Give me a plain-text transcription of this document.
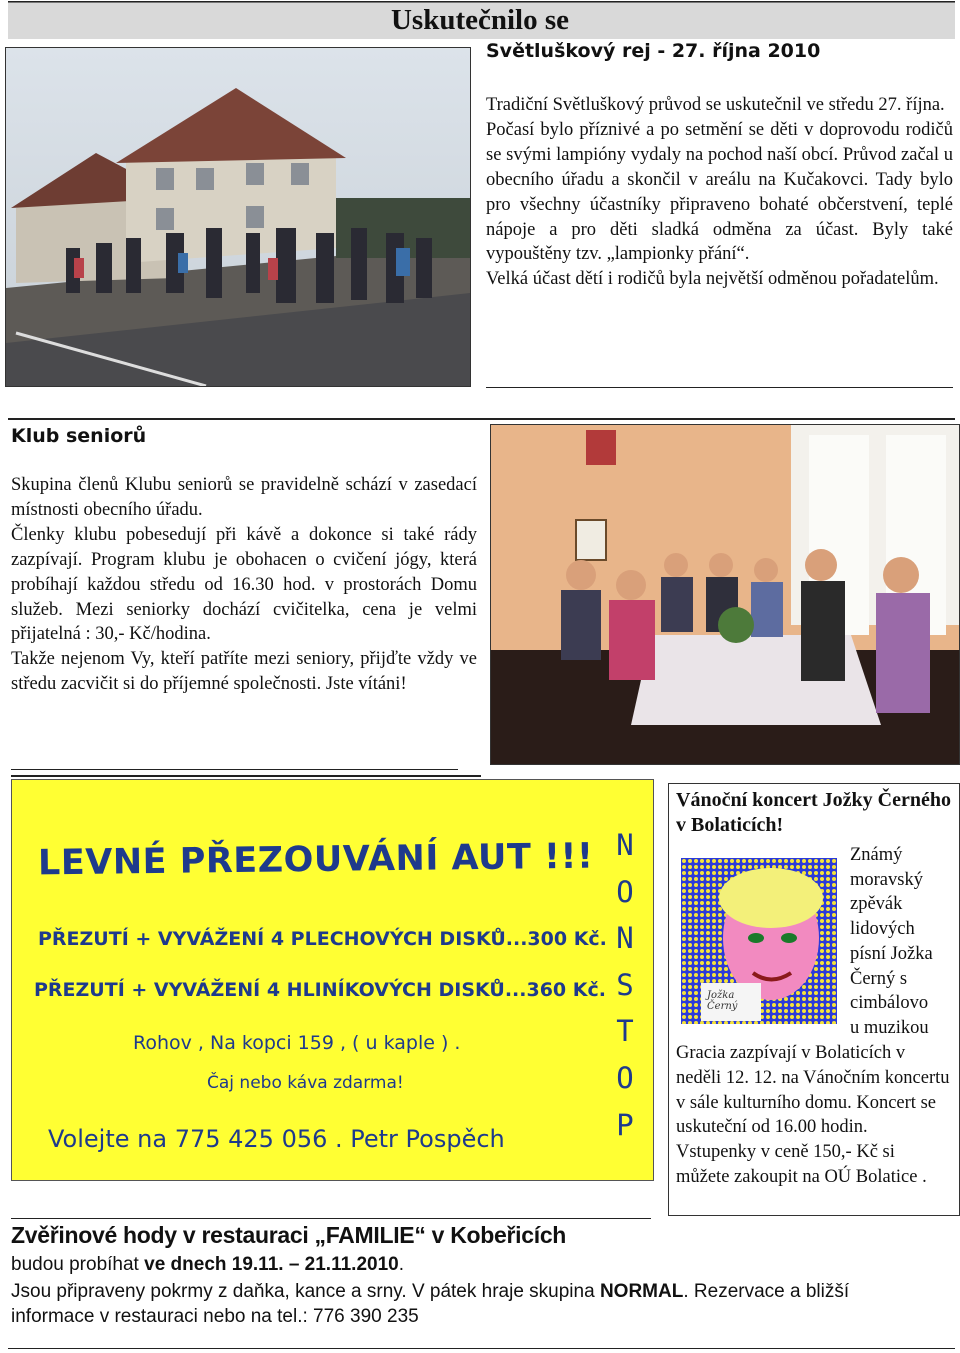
Uskutečnilo se
Světluškový rej - 27. října 2010

Tradiční Světluškový průvod se uskutečnil ve středu 27. října.

Počasí bylo příznivé a po setmění se děti v doprovodu rodičů se svými lampióny vydaly na pochod naší obcí. Průvod začal u obecního úřadu a skončil v areálu na Kučakovci. Tady bylo pro všechny účastníky připraveno bohaté občerstvení, teplé nápoje a pro děti sladká odměna za účast. Byly také vypouštěny tzv. „lampionky přání“.

Velká účast dětí i rodičů byla největší odměnou pořadatelům.

Klub seniorů

Skupina členů Klubu seniorů se pravidelně schází v zasedací místnosti obecního úřadu.

Členky klubu pobesedují při kávě a dokonce si také rády zazpívají. Program klubu je obohacen o cvičení jógy, která probíhají každou středu od 16.30 hod. v prostorách Domu služeb. Mezi seniorky dochází cvičitelka, cena je velmi přijatelná : 30,- Kč/hodina.

Takže nejenom Vy, kteří patříte mezi seniory, přijďte vždy ve středu zacvičit si do příjemné společnosti. Jste vítáni!

LEVNÉ PŘEZOUVÁNÍ AUT !!!
PŘEZUTÍ + VYVÁŽENÍ 4 PLECHOVÝCH DISKŮ...300 Kč.
PŘEZUTÍ + VYVÁŽENÍ 4 HLINÍKOVÝCH DISKŮ...360 Kč.
Rohov , Na kopci 159 , ( u kaple ) .
Čaj nebo káva zdarma!
Volejte na 775 425 056 . Petr Pospěch
N
O
N
S
T
O
P
Vánoční koncert Jožky Černého v Bolaticích!
Jožka
Černý
Známý
moravský
zpěvák
lidových
písní Jožka
Černý s
cimbálovo
u muzikou
Gracia zazpívají v Bolaticích v neděli 12. 12. na Vánočním koncertu v sále kulturního domu. Koncert se uskuteční od 16.00 hodin. Vstupenky v ceně 150,- Kč si můžete zakoupit na OÚ Bolatice .
Zvěřinové hody v restauraci „FAMILIE“ v Kobeřicích
budou probíhat ve dnech 19.11. – 21.11.2010.
Jsou připraveny pokrmy z daňka, kance a srny. V pátek hraje skupina NORMAL. Rezervace a bližší informace v restauraci nebo na tel.: 776 390 235
